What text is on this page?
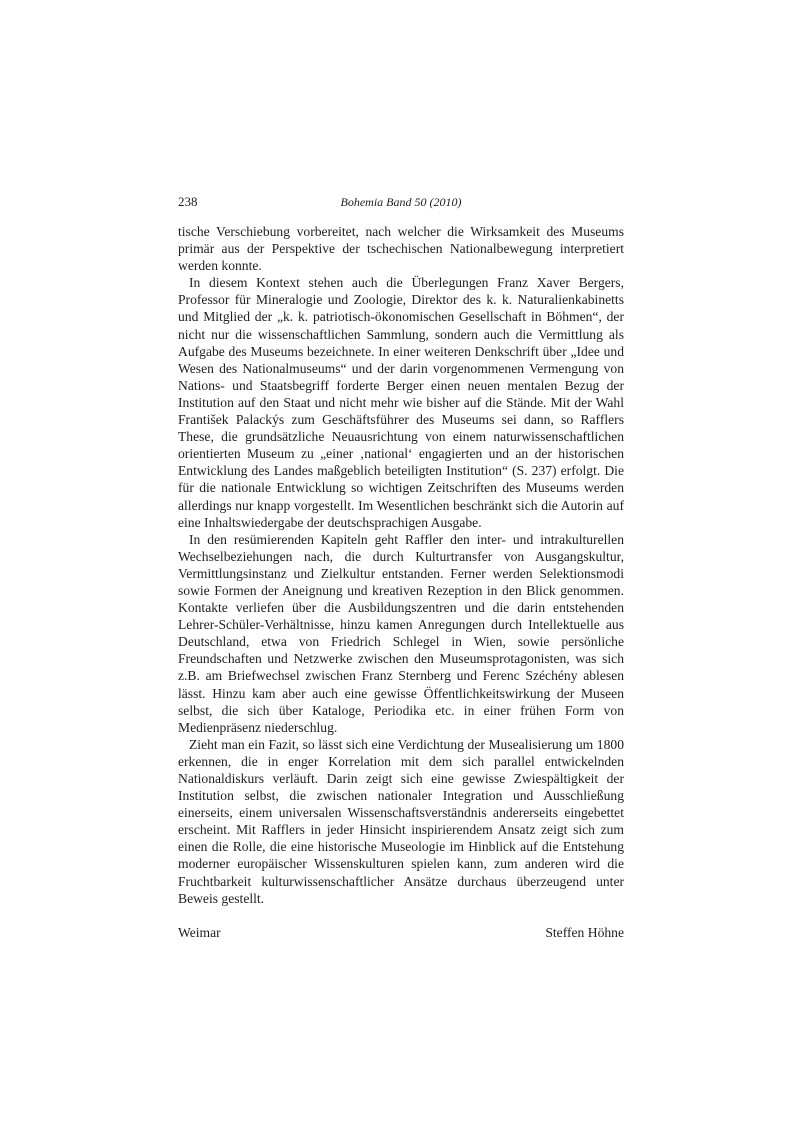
238	Bohemia Band 50 (2010)

tische Verschiebung vorbereitet, nach welcher die Wirksamkeit des Museums primär aus der Perspektive der tschechischen Nationalbewegung interpretiert werden konnte.

In diesem Kontext stehen auch die Überlegungen Franz Xaver Bergers, Professor für Mineralogie und Zoologie, Direktor des k. k. Naturalienkabinetts und Mitglied der „k. k. patriotisch-ökonomischen Gesellschaft in Böhmen“, der nicht nur die wissenschaftlichen Sammlung, sondern auch die Vermittlung als Aufgabe des Museums bezeichnete. In einer weiteren Denkschrift über „Idee und Wesen des Nationalmuseums“ und der darin vorgenommenen Vermengung von Nations- und Staatsbegriff forderte Berger einen neuen mentalen Bezug der Institution auf den Staat und nicht mehr wie bisher auf die Stände. Mit der Wahl František Palackýs zum Geschäftsführer des Museums sei dann, so Rafflers These, die grundsätzliche Neuausrichtung von einem naturwissenschaftlichen orientierten Museum zu „einer ‚national‘ engagierten und an der historischen Entwicklung des Landes maßgeblich beteiligten Institution“ (S. 237) erfolgt. Die für die nationale Entwicklung so wichtigen Zeitschriften des Museums werden allerdings nur knapp vorgestellt. Im Wesentlichen beschränkt sich die Autorin auf eine Inhaltswiedergabe der deutschsprachigen Ausgabe.

In den resümierenden Kapiteln geht Raffler den inter- und intrakulturellen Wechselbeziehungen nach, die durch Kulturtransfer von Ausgangskultur, Vermittlungsinstanz und Zielkultur entstanden. Ferner werden Selektionsmodi sowie Formen der Aneignung und kreativen Rezeption in den Blick genommen. Kontakte verliefen über die Ausbildungszentren und die darin entstehenden Lehrer-Schüler-Verhältnisse, hinzu kamen Anregungen durch Intellektuelle aus Deutschland, etwa von Friedrich Schlegel in Wien, sowie persönliche Freundschaften und Netzwerke zwischen den Museumsprotagonisten, was sich z.B. am Briefwechsel zwischen Franz Sternberg und Ferenc Széchény ablesen lässt. Hinzu kam aber auch eine gewisse Öffentlichkeitswirkung der Museen selbst, die sich über Kataloge, Periodika etc. in einer frühen Form von Medienpräsenz niederschlug.

Zieht man ein Fazit, so lässt sich eine Verdichtung der Musealisierung um 1800 erkennen, die in enger Korrelation mit dem sich parallel entwickelnden Nationaldiskurs verläuft. Darin zeigt sich eine gewisse Zwiespältigkeit der Institution selbst, die zwischen nationaler Integration und Ausschließung einerseits, einem universalen Wissenschaftsverständnis andererseits eingebettet erscheint. Mit Rafflers in jeder Hinsicht inspirierendem Ansatz zeigt sich zum einen die Rolle, die eine historische Museologie im Hinblick auf die Entstehung moderner europäischer Wissenskulturen spielen kann, zum anderen wird die Fruchtbarkeit kulturwissenschaftlicher Ansätze durchaus überzeugend unter Beweis gestellt.

Weimar	Steffen Höhne
